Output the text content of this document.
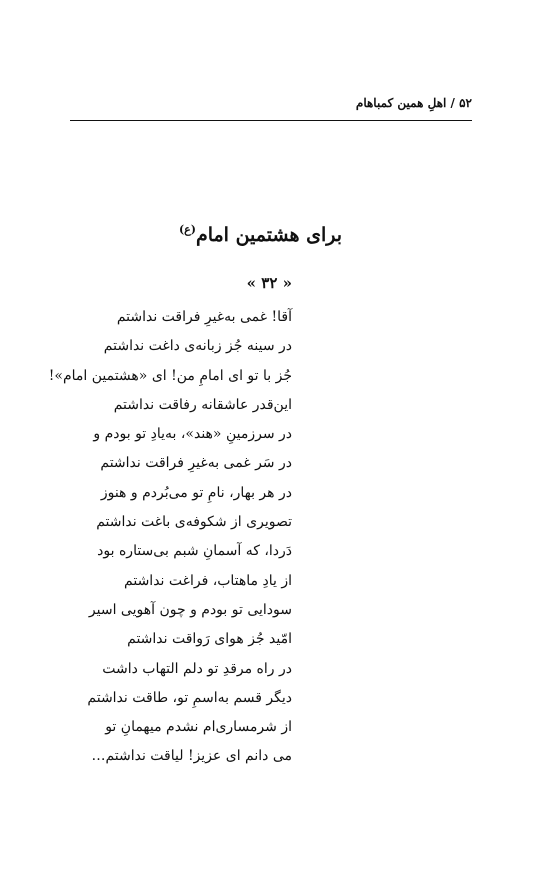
۵۲ / اهلِ همین کمباهام
برای هشتمین امام$^{(ع)}$
« ۳۲ »
آقا! غمی به‌غیرِ فراقت نداشتم
در سینه جُز زبانه‌ی داغت نداشتم
جُز با تو ای امامِ من! ای «هشتمین امام»!
این‌قدر عاشقانه رفاقت نداشتم
در سرزمینِ «هند»، به‌یادِ تو بودم و
در سَر غمی به‌غیرِ فراقت نداشتم
در هر بهار، نامِ تو می‌بُردم و هنوز
تصویری از شکوفه‌ی باغت نداشتم
دَردا، که آسمانِ شبم بی‌ستاره بود
از یادِ ماهتاب، فراغت نداشتم
سودایی تو بودم و چون آهویی اسیر
امّید جُز هوای رَواقت نداشتم
در راه مرقدِ تو دلم التهاب داشت
دیگر قسم به‌اسمِ تو، طاقت نداشتم
از شرمساری‌ام نشدم میهمانِ تو
می دانم ای عزیز! لیاقت نداشتم…
